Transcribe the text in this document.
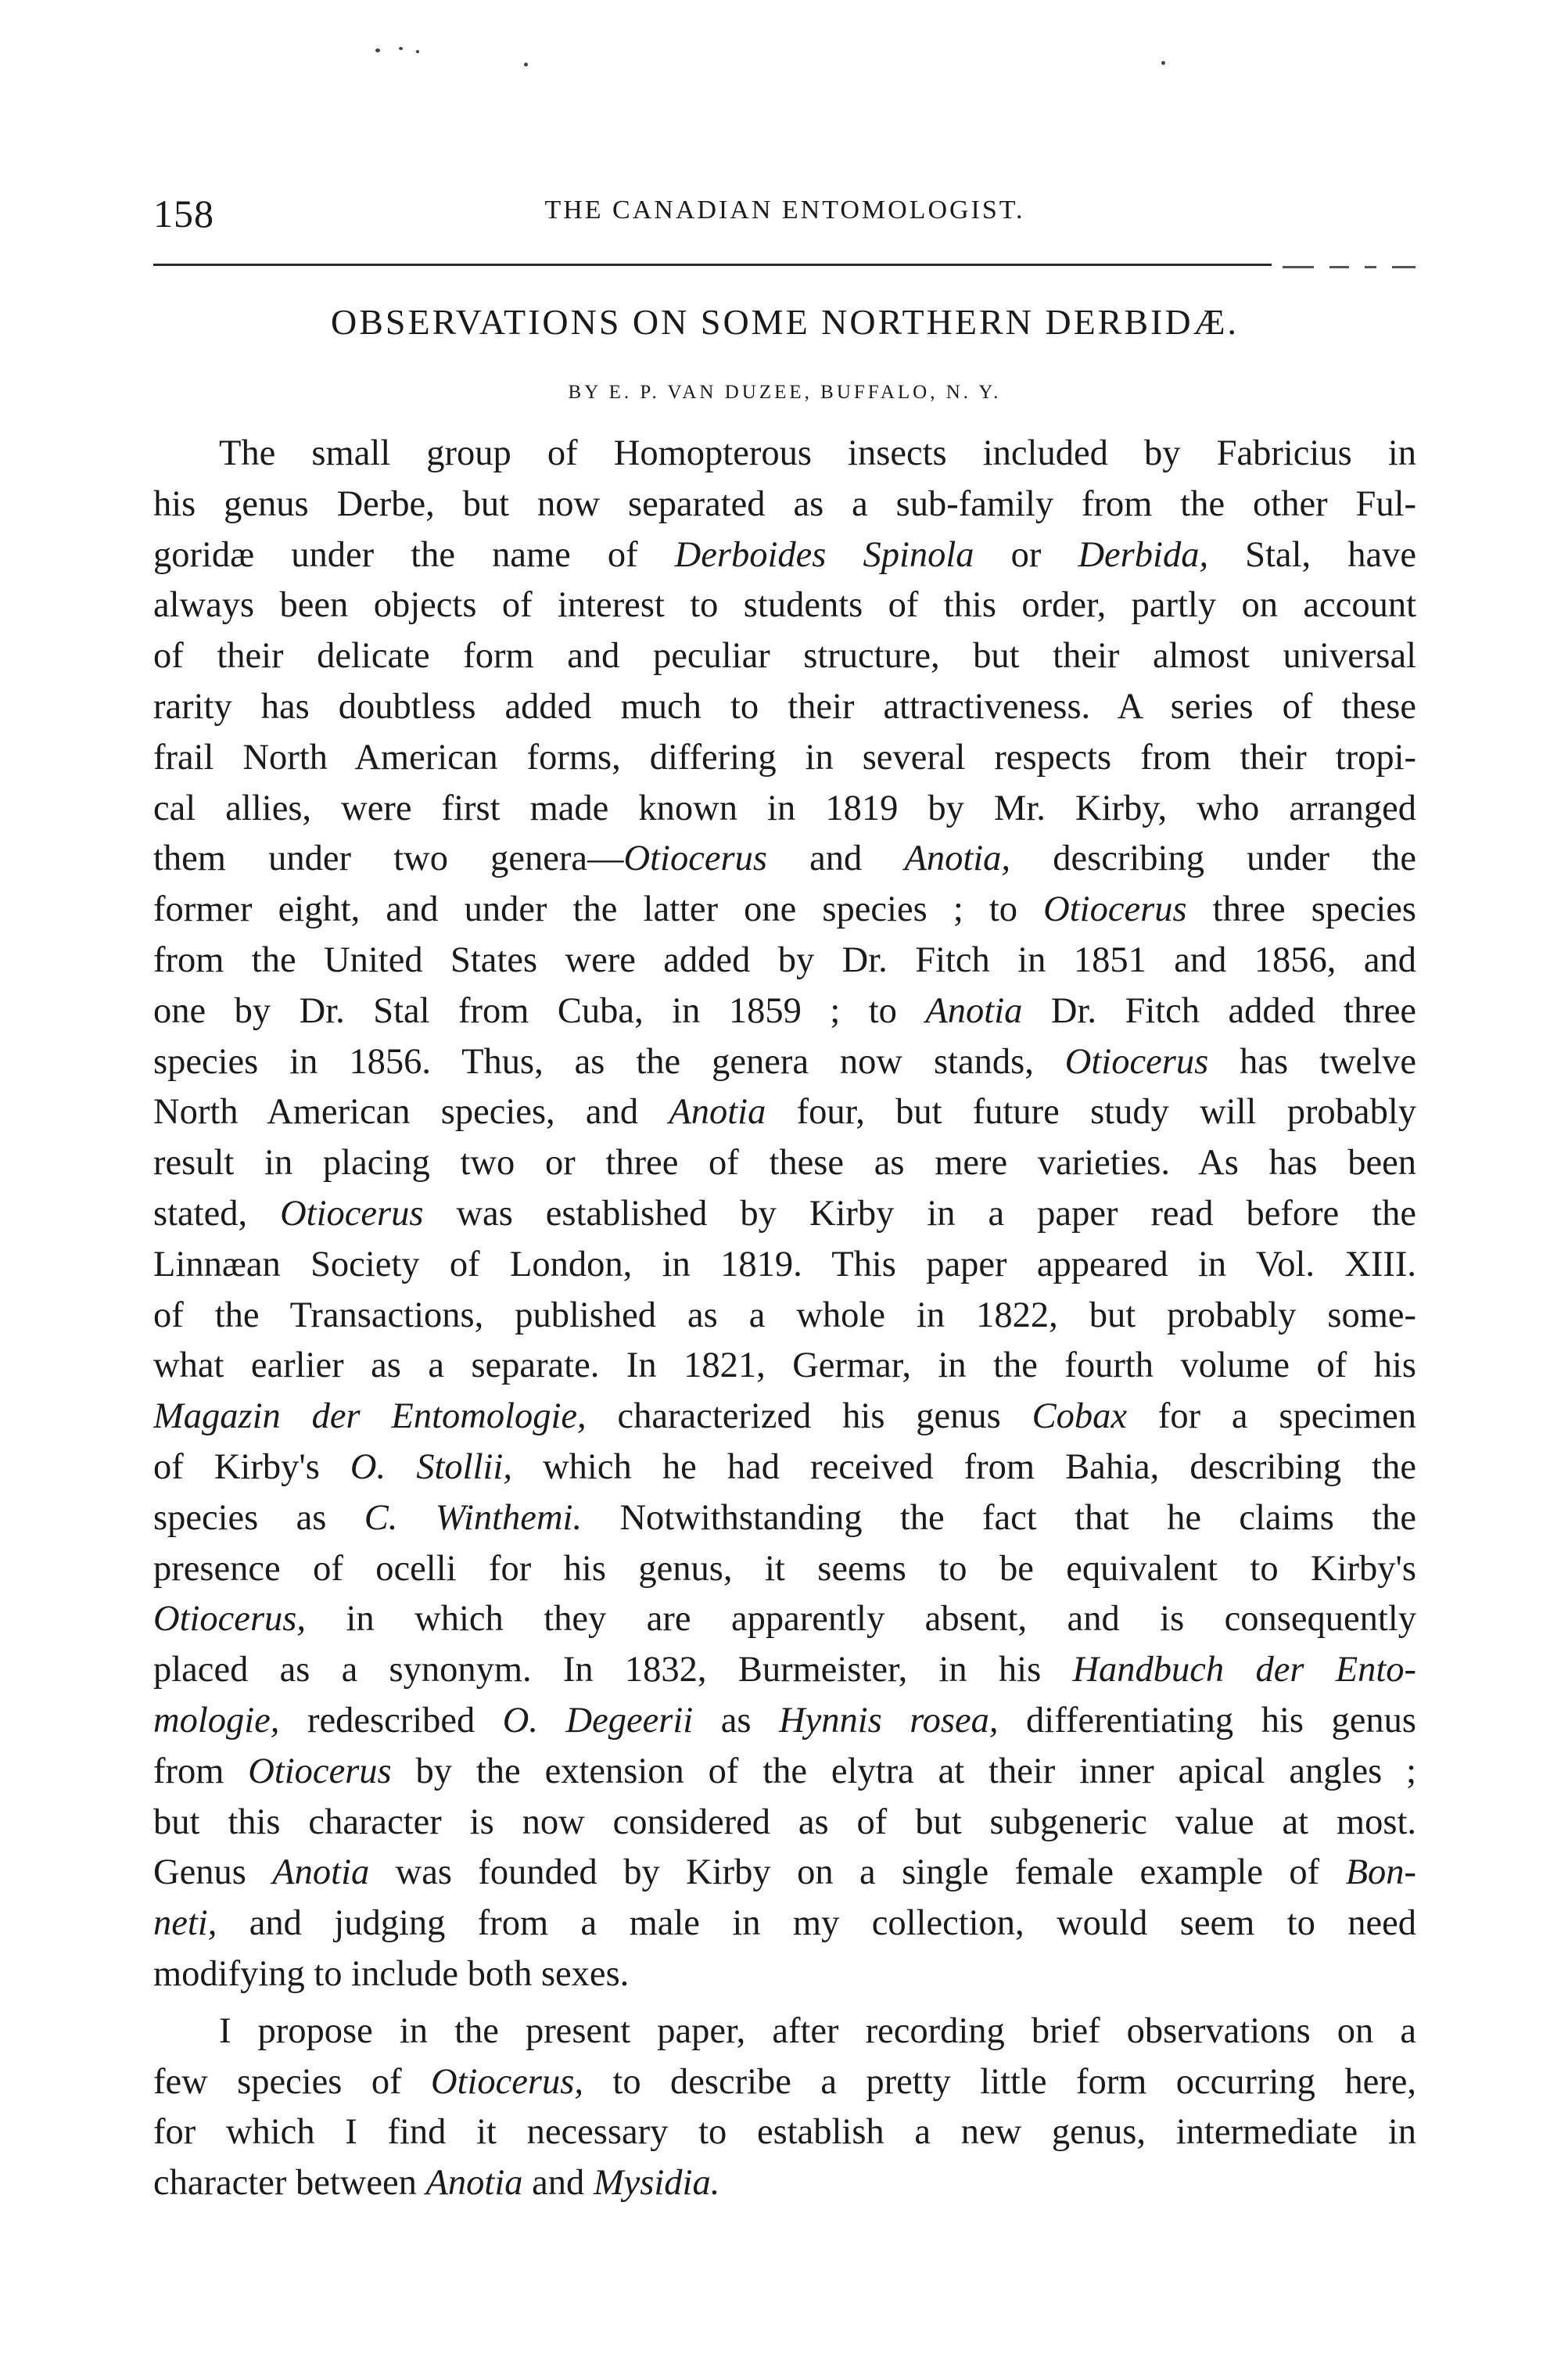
158	THE CANADIAN ENTOMOLOGIST.
OBSERVATIONS ON SOME NORTHERN DERBIDÆ.
BY E. P. VAN DUZEE, BUFFALO, N. Y.
The small group of Homopterous insects included by Fabricius in
his genus Derbe, but now separated as a sub-family from the other Ful-
goridæ under the name of Derboides Spinola or Derbida, Stal, have
always been objects of interest to students of this order, partly on account
of their delicate form and peculiar structure, but their almost universal
rarity has doubtless added much to their attractiveness. A series of these
frail North American forms, differing in several respects from their tropi-
cal allies, were first made known in 1819 by Mr. Kirby, who arranged
them under two genera—Otiocerus and Anotia, describing under the
former eight, and under the latter one species ; to Otiocerus three species
from the United States were added by Dr. Fitch in 1851 and 1856, and
one by Dr. Stal from Cuba, in 1859 ; to Anotia Dr. Fitch added three
species in 1856. Thus, as the genera now stands, Otiocerus has twelve
North American species, and Anotia four, but future study will probably
result in placing two or three of these as mere varieties. As has been
stated, Otiocerus was established by Kirby in a paper read before the
Linnæan Society of London, in 1819. This paper appeared in Vol. XIII.
of the Transactions, published as a whole in 1822, but probably some-
what earlier as a separate. In 1821, Germar, in the fourth volume of his
Magazin der Entomologie, characterized his genus Cobax for a specimen
of Kirby's O. Stollii, which he had received from Bahia, describing the
species as C. Winthemi. Notwithstanding the fact that he claims the
presence of ocelli for his genus, it seems to be equivalent to Kirby's
Otiocerus, in which they are apparently absent, and is consequently
placed as a synonym. In 1832, Burmeister, in his Handbuch der Ento-
mologie, redescribed O. Degeerii as Hynnis rosea, differentiating his genus
from Otiocerus by the extension of the elytra at their inner apical angles ;
but this character is now considered as of but subgeneric value at most.
Genus Anotia was founded by Kirby on a single female example of Bon-
neti, and judging from a male in my collection, would seem to need
modifying to include both sexes.
I propose in the present paper, after recording brief observations on a
few species of Otiocerus, to describe a pretty little form occurring here,
for which I find it necessary to establish a new genus, intermediate in
character between Anotia and Mysidia.
